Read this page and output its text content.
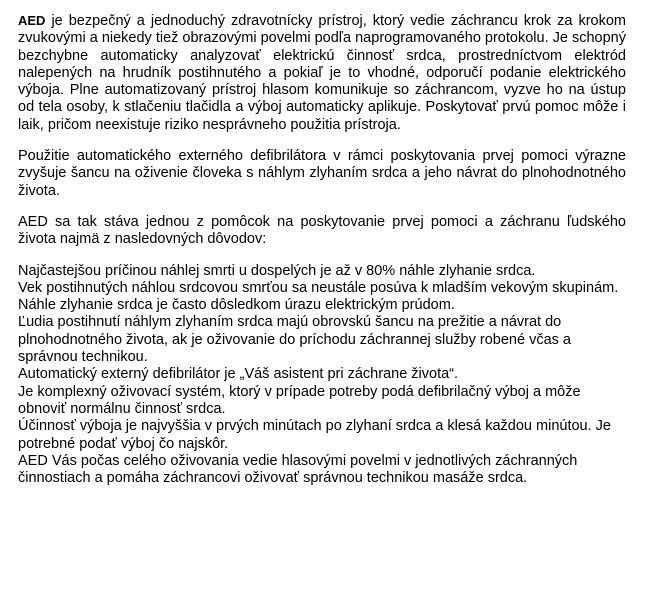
AED je bezpečný a jednoduchý zdravotnícky prístroj, ktorý vedie záchrancu krok za krokom zvukovými a niekedy tiež obrazovými povelmi podľa naprogramovaného protokolu. Je schopný bezchybne automaticky analyzovať elektrickú činnosť srdca, prostredníctvom elektród nalepených na hrudník postihnutého a pokiaľ je to vhodné, odporučí podanie elektrického výboja. Plne automatizovaný prístroj hlasom komunikuje so záchrancom, vyzve ho na ústup od tela osoby, k stlačeniu tlačidla a výboj automaticky aplikuje. Poskytovať prvú pomoc môže i laik, pričom neexistuje riziko nesprávneho použitia prístroja.

Použitie automatického externého defibrilátora v rámci poskytovania prvej pomoci výrazne zvyšuje šancu na oživenie človeka s náhlym zlyhaním srdca a jeho návrat do plnohodnotného života.

AED sa tak stáva jednou z pomôcok na poskytovanie prvej pomoci a záchranu ľudského života najmä z nasledovných dôvodov:

Najčastejšou príčinou náhlej smrti u dospelých je až v 80% náhle zlyhanie srdca.
Vek postihnutých náhlou srdcovou smrťou sa neustále posúva k mladším vekovým skupinám.
Náhle zlyhanie srdca je často dôsledkom úrazu elektrickým prúdom.
Ľudia postihnutí náhlym zlyhaním srdca majú obrovskú šancu na prežitie a návrat do plnohodnotného života, ak je oživovanie do príchodu záchrannej služby robené včas a správnou technikou.
Automatický externý defibrilátor je „Váš asistent pri záchrane života“.
Je komplexný oživovací systém, ktorý v prípade potreby podá defibrilačný výboj a môže obnoviť normálnu činnosť srdca.
Účinnosť výboja je najvyššia v prvých minútach po zlyhaní srdca a klesá každou minútou. Je potrebné podať výboj čo najskôr.
AED Vás počas celého oživovania vedie hlasovými povelmi v jednotlivých záchranných činnostiach a pomáha záchrancovi oživovať správnou technikou masáže srdca.
